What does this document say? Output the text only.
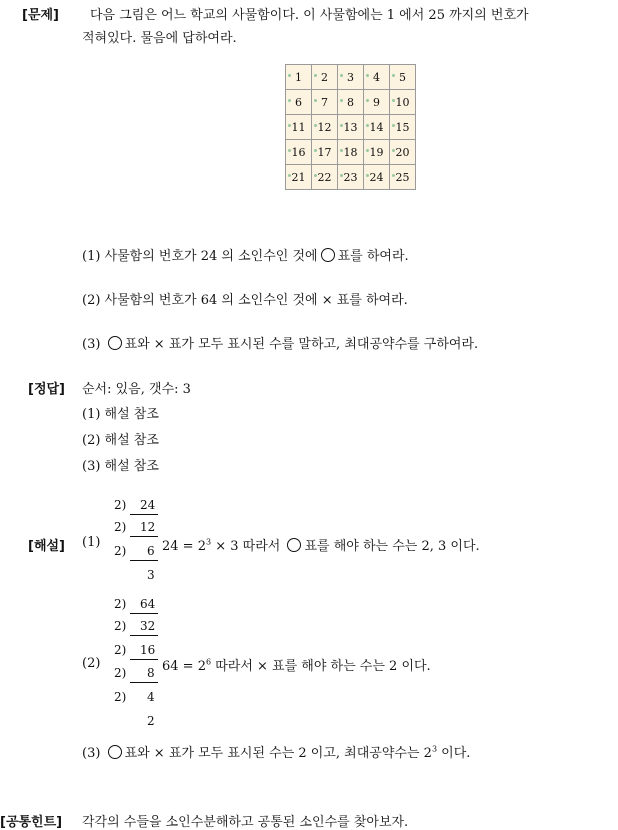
[문제] 다음 그림은 어느 학교의 사물함이다. 이 사물함에는 1 에서 25 까지의 번호가
적혀있다. 물음에 답하여라.
1	2	3	4	5

6	7	8	9	10

11	12	13	14	15

16	17	18	19	20

21	22	23	24	25
(1) 사물함의 번호가 24 의 소인수인 것에 ○ 표를 하여라.
(2) 사물함의 번호가 64 의 소인수인 것에 × 표를 하여라.
(3) ○ 표와 × 표가 모두 표시된 수를 말하고, 최대공약수를 구하여라.
[정답] 순서: 있음, 갯수: 3
(1) 해설 참조
(2) 해설 참조
(3) 해설 참조
[해설] (1)
2) 24
2) 12
2) 6
3
$24 = 2^3 \times 3$ 따라서 ○ 표를 해야 하는 수는 2, 3 이다.
2) 64
2) 32
2) 16
2) 8
2) 4
2
(2)	$64 = 2^6$ 따라서 × 표를 해야 하는 수는 2 이다.
(3) ○ 표와 × 표가 모두 표시된 수는 2 이고, 최대공약수는 $2^3$ 이다.
[공통힌트] 각각의 수들을 소인수분해하고 공통된 소인수를 찾아보자.
